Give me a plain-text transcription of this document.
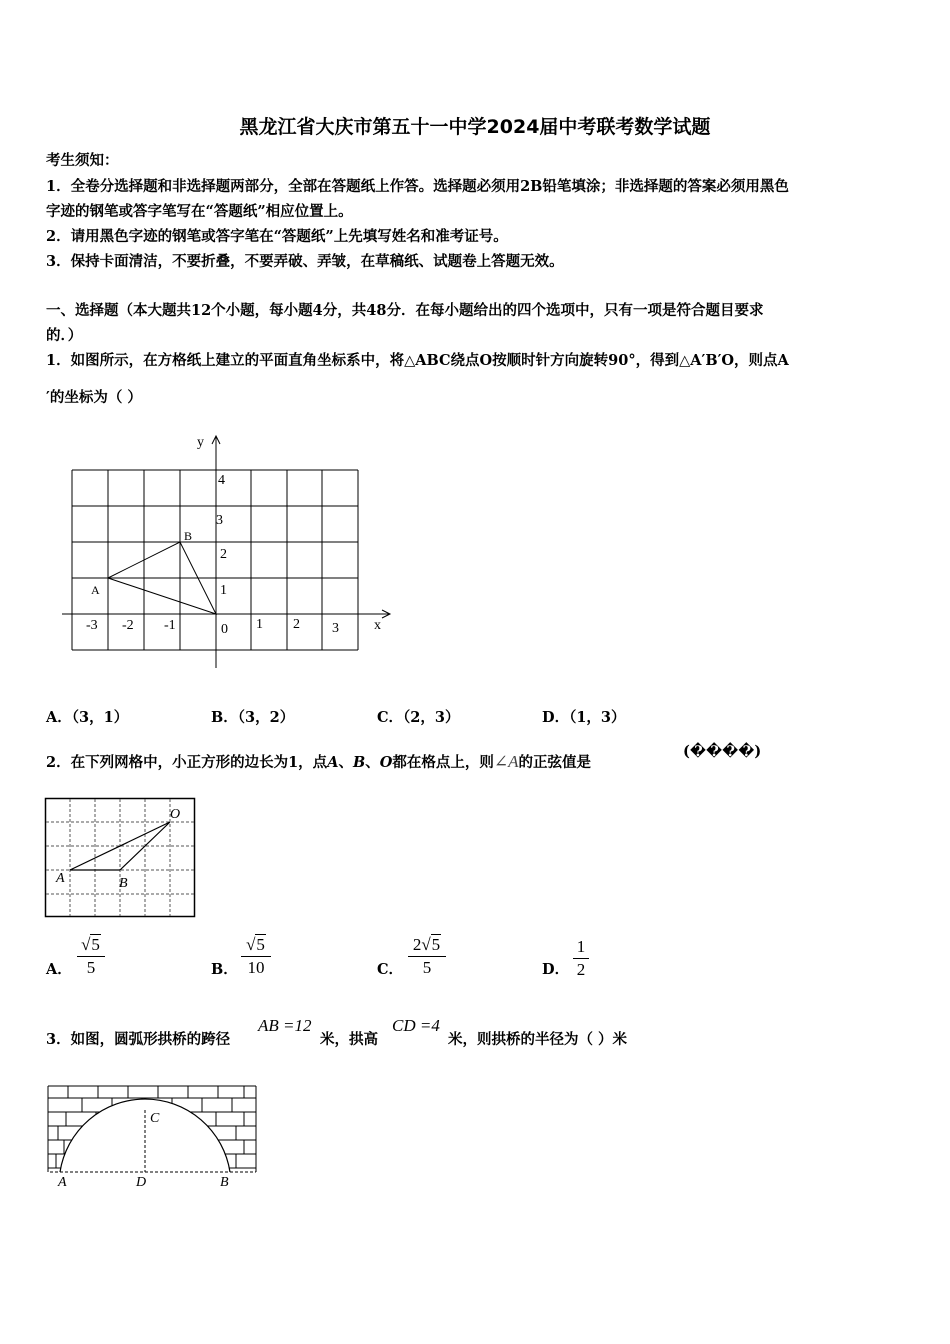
黑龙江省大庆市第五十一中学2024届中考联考数学试题
考生须知：
1．全卷分选择题和非选择题两部分，全部在答题纸上作答。选择题必须用2B铅笔填涂；非选择题的答案必须用黑色
字迹的钢笔或答字笔写在“答题纸”相应位置上。
2．请用黑色字迹的钢笔或答字笔在“答题纸”上先填写姓名和准考证号。
3．保持卡面清洁，不要折叠，不要弄破、弄皱，在草稿纸、试题卷上答题无效。
一、选择题（本大题共12个小题，每小题4分，共48分．在每小题给出的四个选项中，只有一项是符合题目要求
的．）
1．如图所示，在方格纸上建立的平面直角坐标系中，将△ABC绕点O按顺时针方向旋转90°，得到△A′B′O，则点A
′的坐标为（ ）
y
x
0
-3 -2 -1	1 2 3
1
2
3
4
A
B
A．（3，1）	B．（3，2）	C．（2，3）	D．（1，3）
2．在下列网格中，小正方形的边长为1，点A、B、O都在格点上，则∠A的正弦值是
(����)
A	B
O
A．
√5
5	B．
√5
10	C．
2√5
5	D．
1
2
3．如图，圆弧形拱桥的跨径
AB =12
米，拱高
CD =4
米，则拱桥的半径为（ ）米
A	D	B
C
